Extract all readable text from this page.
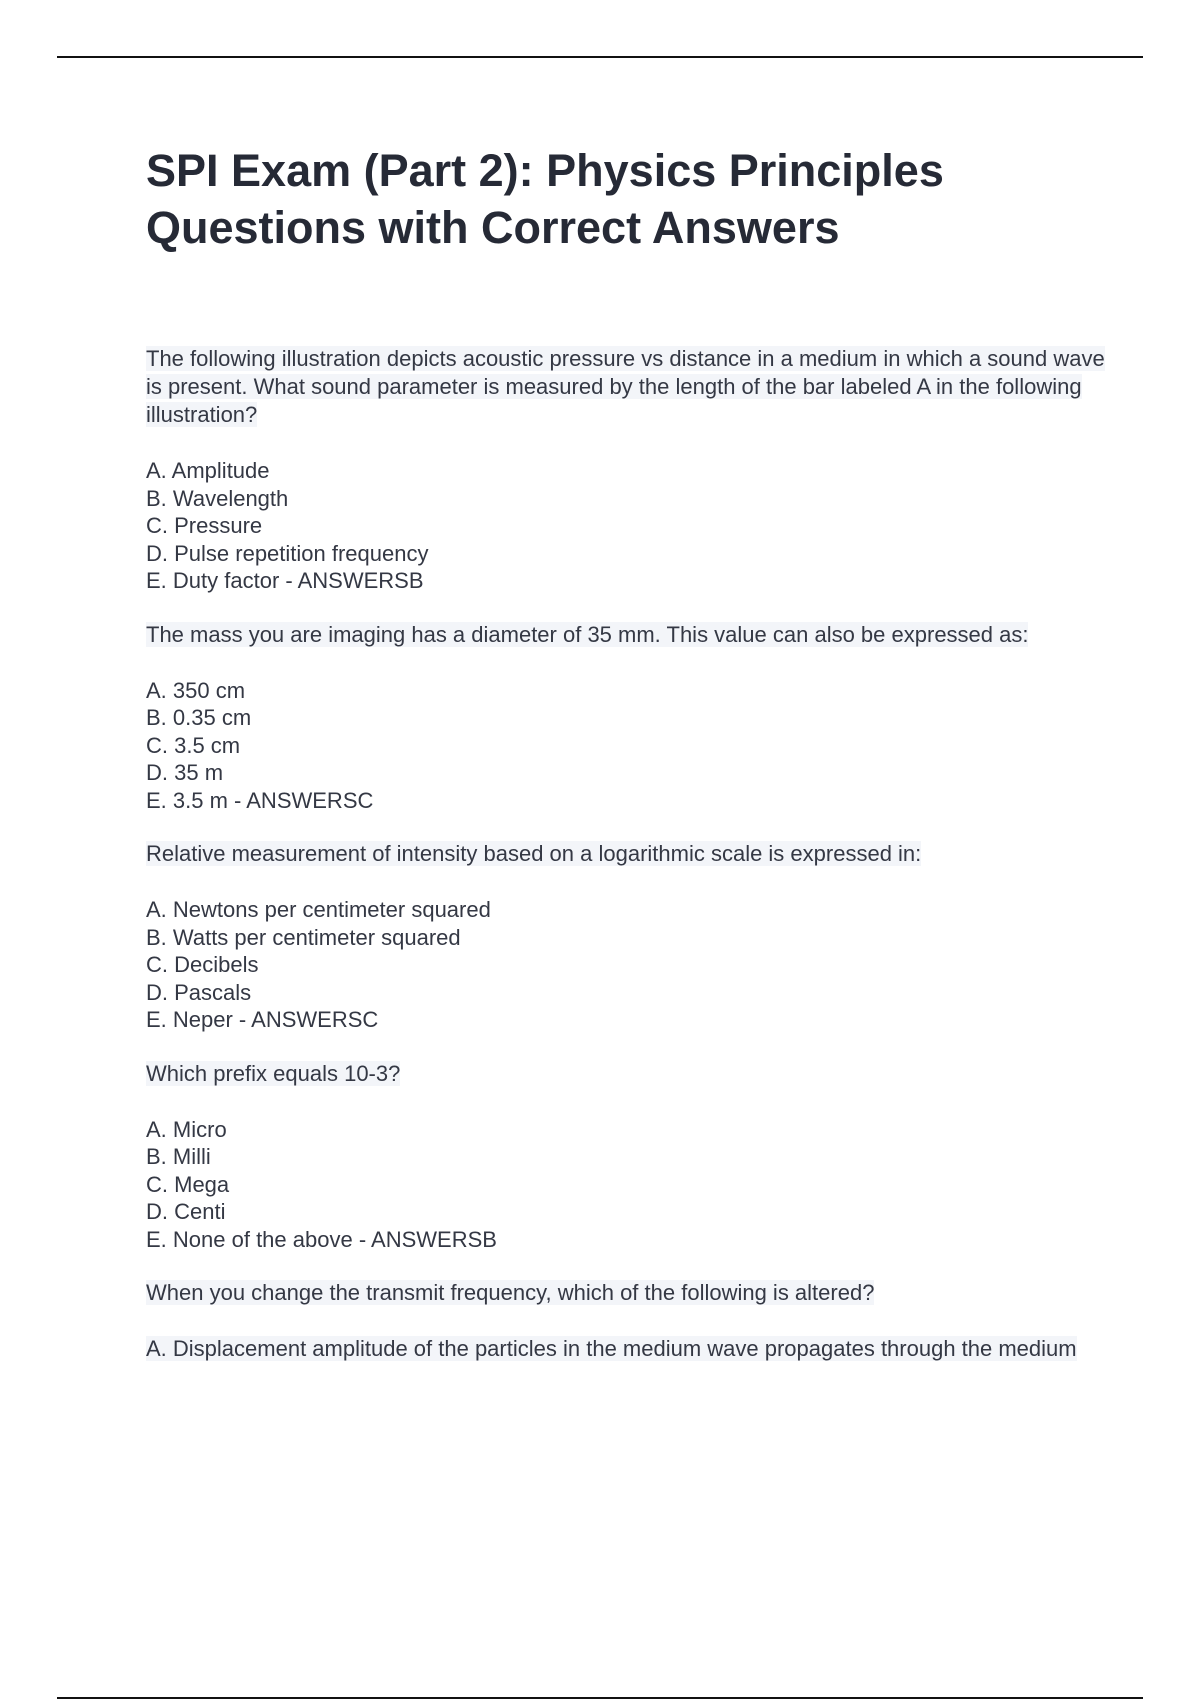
SPI Exam (Part 2): Physics Principles Questions with Correct Answers

The following illustration depicts acoustic pressure vs distance in a medium in which a sound wave is present. What sound parameter is measured by the length of the bar labeled A in the following illustration?

A. Amplitude
B. Wavelength
C. Pressure
D. Pulse repetition frequency
E. Duty factor - ANSWERSB

The mass you are imaging has a diameter of 35 mm. This value can also be expressed as:

A. 350 cm
B. 0.35 cm
C. 3.5 cm
D. 35 m
E. 3.5 m - ANSWERSC

Relative measurement of intensity based on a logarithmic scale is expressed in:

A. Newtons per centimeter squared
B. Watts per centimeter squared
C. Decibels
D. Pascals
E. Neper - ANSWERSC

Which prefix equals 10-3?

A. Micro
B. Milli
C. Mega
D. Centi
E. None of the above - ANSWERSB

When you change the transmit frequency, which of the following is altered?

A. Displacement amplitude of the particles in the medium wave propagates through the medium
